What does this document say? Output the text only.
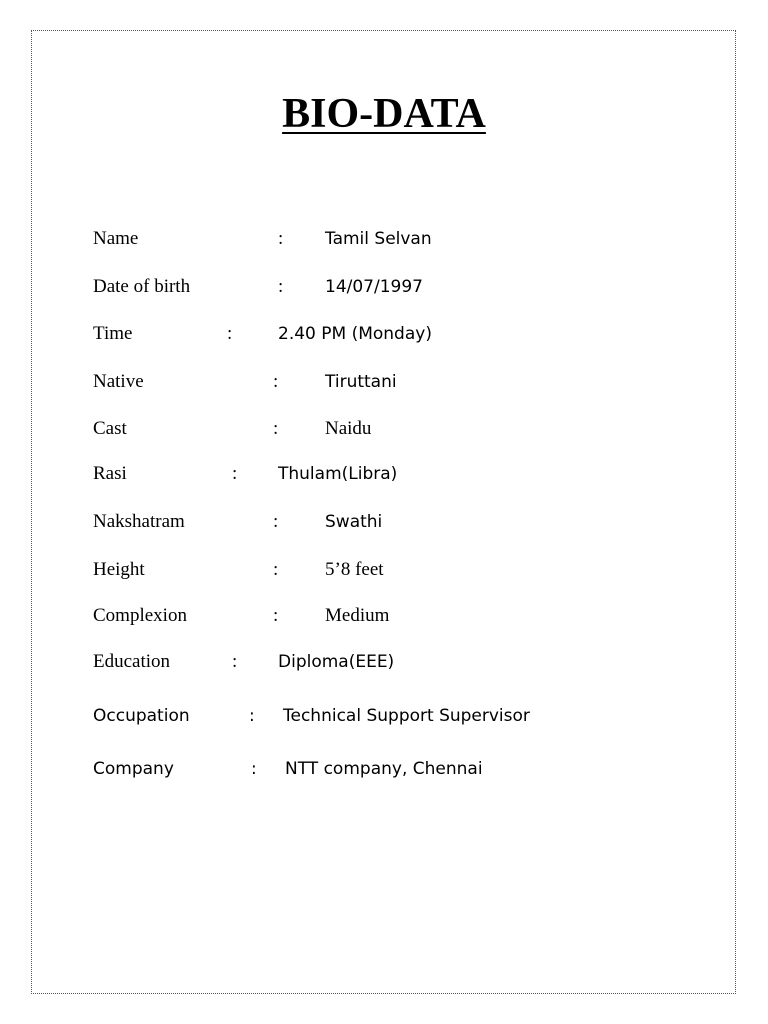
BIO-DATA
Name	: Tamil Selvan
Date of birth	: 14/07/1997
Time	:	2.40 PM (Monday)
Native	:	Tiruttani
Cast	: Naidu
Rasi	: Thulam(Libra)
Nakshatram	:	Swathi
Height	: 5’8 feet
Complexion	: Medium
Education	: Diploma(EEE)
Occupation	: Technical Support Supervisor
Company	: NTT company, Chennai
